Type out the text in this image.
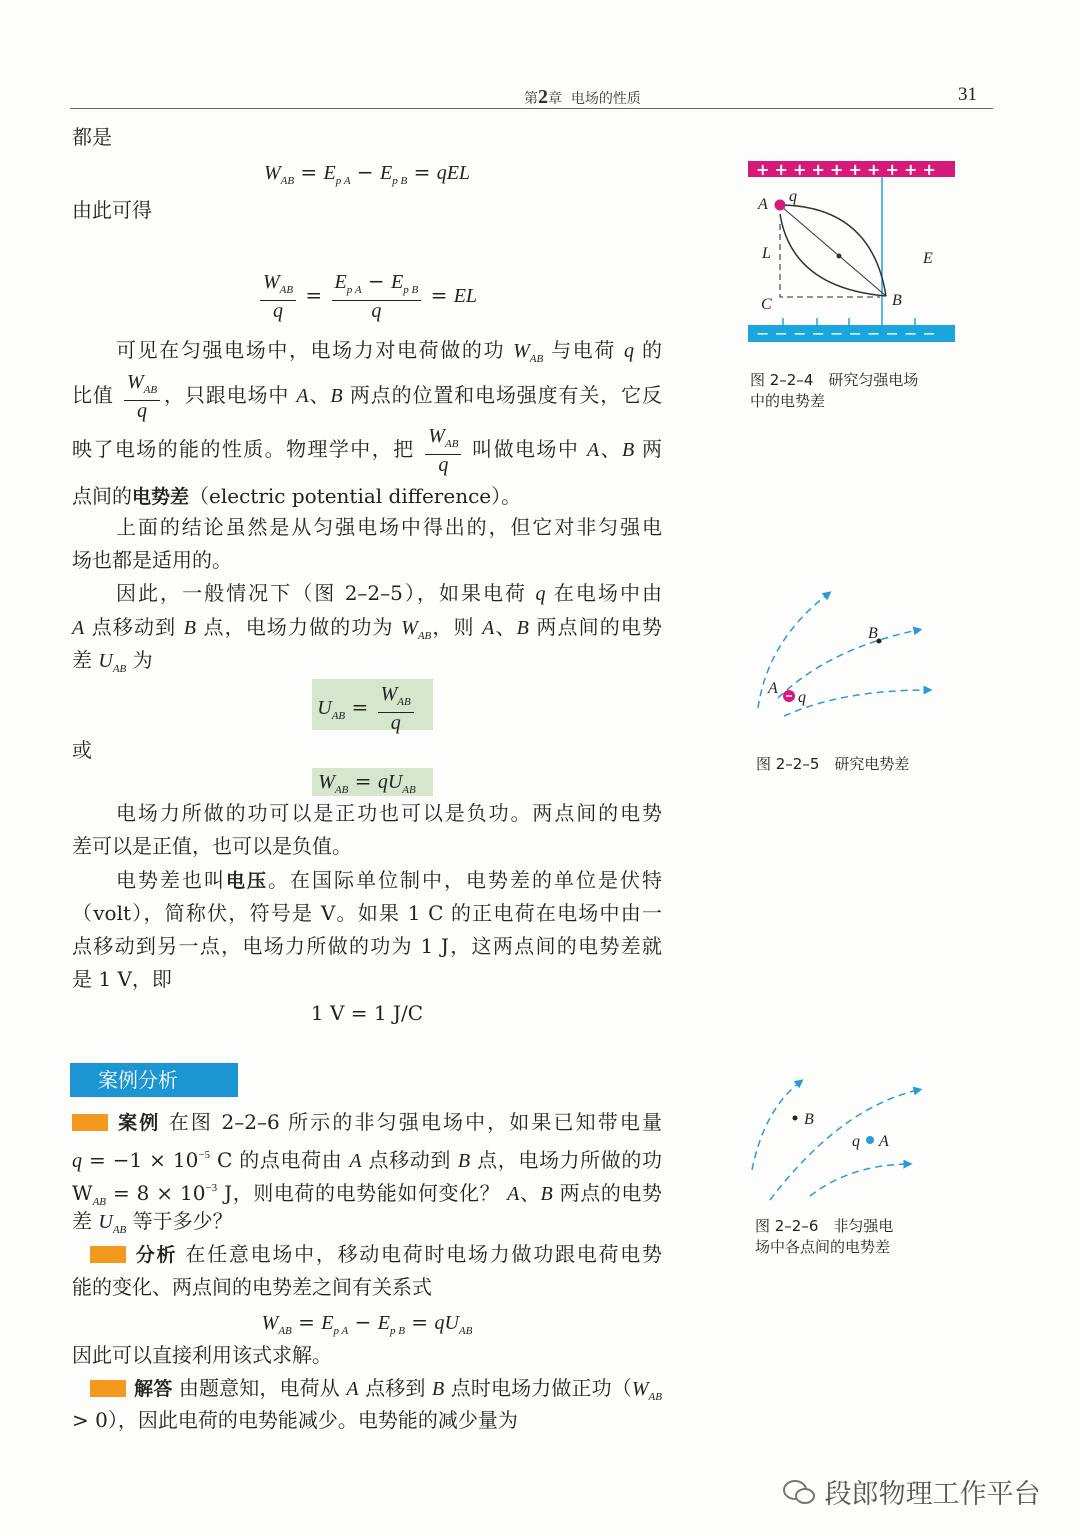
第2章 电场的性质	31
案例分析
都是
$W_{AB} = E_{p A} - E_{p B}$ = qEL
由此可得
$\frac{W_{AB}}{q} = \frac{E_{p A} - E_{p B}}{q}$ = EL
可见在匀强电场中，电场力对电荷做的功 $W_{AB}$ 与电荷 q 的
比值 $\frac{W_{AB}}{q}$ ，只跟电场中 A、B 两点的位置和电场强度有关，它反
映了电场的能的性质。物理学中，把 $\frac{W_{AB}}{q}$ 叫做电场中 A、B 两
点间的电势差（electric potential difference）。
上面的结论虽然是从匀强电场中得出的，但它对非匀强电
场也都是适用的。
因此，一般情况下（图 2–2–5），如果电荷 q 在电场中由
A 点移动到 B 点，电场力做的功为 $W_{AB}$，则 A、B 两点间的电势
差 $U_{AB}$ 为
$U_{AB} = \frac{W_{AB}}{q}$
或
$W_{AB} = qU_{AB}$
电场力所做的功可以是正功也可以是负功。两点间的电势
差可以是正值，也可以是负值。
电势差也叫电压。在国际单位制中，电势差的单位是伏特
（volt），简称伏，符号是 V。如果 1 C 的正电荷在电场中由一
点移动到另一点，电场力所做的功为 1 J，这两点间的电势差就
是 1 V，即
1 V = 1 J/C
案例 在图 2–2–6 所示的非匀强电场中，如果已知带电量
$q = -1 \times 10^{-5}$ C 的点电荷由 A 点移动到 B 点，电场力所做的功
$W_{AB} = 8 \times 10^{-3}$ J，则电荷的电势能如何变化？ A、B 两点的电势
差 $U_{AB}$ 等于多少？
分析 在任意电场中，移动电荷时电场力做功跟电荷电势
能的变化、两点间的电势差之间有关系式
$W_{AB} = E_{p A} - E_{p B} = qU_{AB}$
因此可以直接利用该式求解。
解答 由题意知，电荷从 A 点移到 B 点时电场力做正功（$W_{AB}$
> 0），因此电荷的电势能减少。电势能的减少量为
+ + + + + + + + + +
− − − − − − − − − −
A q
L
C	B
E
B
A
q
B
q A
图 2–2–4　研究匀强电场
中的电势差
图 2–2–5　研究电势差
图 2–2–6　非匀强电
场中各点间的电势差
段郎物理工作平台
